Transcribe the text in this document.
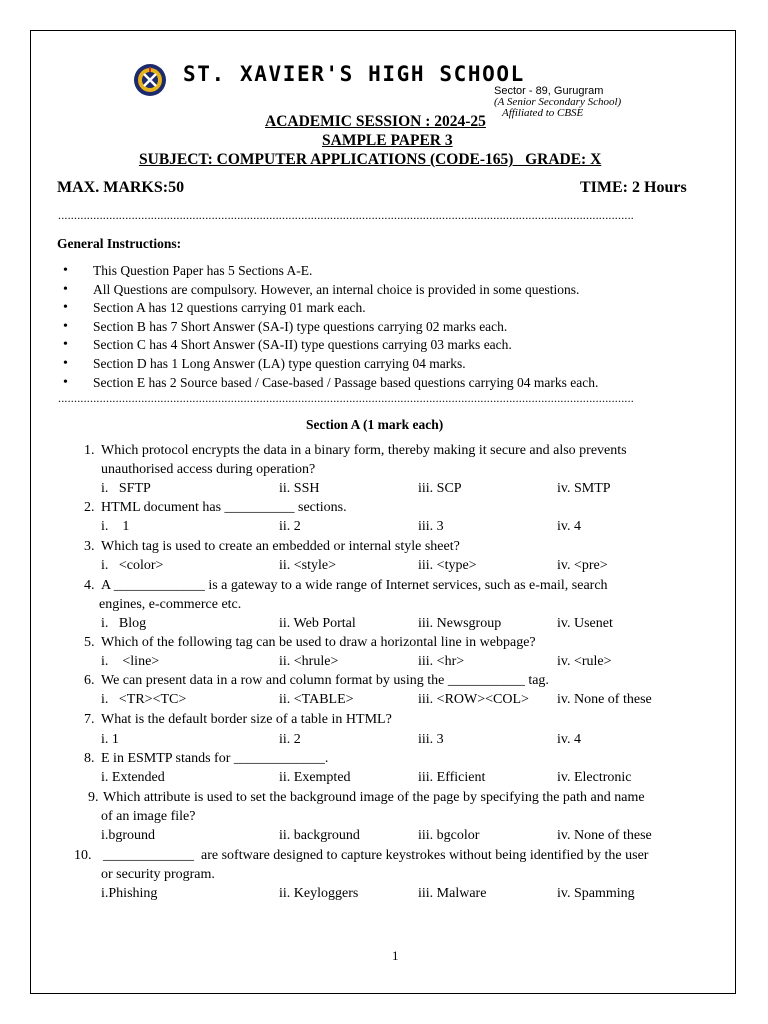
ST. XAVIER'S HIGH SCHOOL
Sector - 89, Gurugram
(A Senior Secondary School)
Affiliated to CBSE
ACADEMIC SESSION : 2024-25
SAMPLE PAPER 3
SUBJECT: COMPUTER APPLICATIONS (CODE-165)   GRADE: X
MAX. MARKS:50	TIME: 2 Hours
....................................................................................................................................................................................
General Instructions:
• This Question Paper has 5 Sections A-E.
• All Questions are compulsory. However, an internal choice is provided in some questions.
• Section A has 12 questions carrying 01 mark each.
• Section B has 7 Short Answer (SA-I) type questions carrying 02 marks each.
• Section C has 4 Short Answer (SA-II) type questions carrying 03 marks each.
• Section D has 1 Long Answer (LA) type question carrying 04 marks.
• Section E has 2 Source based / Case-based / Passage based questions carrying 04 marks each.
....................................................................................................................................................................................
Section A (1 mark each)
1. Which protocol encrypts the data in a binary form, thereby making it secure and also prevents
unauthorised access during operation?
i.   SFTP	ii. SSH	iii. SCP	iv. SMTP
2. HTML document has __________ sections.
i.    1	ii. 2	iii. 3	iv. 4
3. Which tag is used to create an embedded or internal style sheet?
i.   <color>	ii. <style>	iii. <type>	iv. <pre>
4. A _____________ is a gateway to a wide range of Internet services, such as e-mail, search
engines, e-commerce etc.
i.   Blog	ii. Web Portal	iii. Newsgroup	iv. Usenet
5. Which of the following tag can be used to draw a horizontal line in webpage?
i.    <line>	ii. <hrule>	iii. <hr>	iv. <rule>
6. We can present data in a row and column format by using the ___________ tag.
i.   <TR><TC>	ii. <TABLE>	iii. <ROW><COL> iv. None of these
7. What is the default border size of a table in HTML?
i. 1	ii. 2	iii. 3	iv. 4
8. E in ESMTP stands for _____________.
i. Extended	ii. Exempted	iii. Efficient	iv. Electronic
9. Which attribute is used to set the background image of the page by specifying the path and name
of an image file?
i.bground	ii. background	iii. bgcolor	iv. None of these
10. _____________  are software designed to capture keystrokes without being identified by the user
or security program.
i.Phishing	ii. Keyloggers	iii. Malware	iv. Spamming
1
